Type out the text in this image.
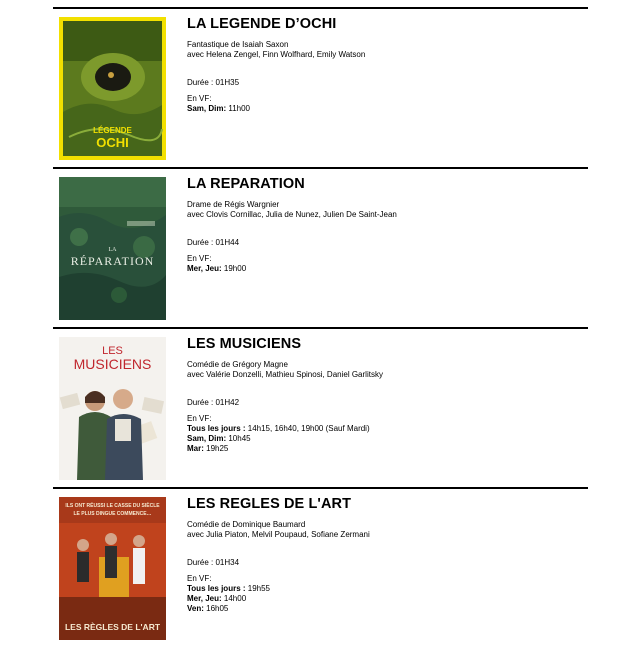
LÉGENDE
OCHI
LA LEGENDE D’OCHI
Fantastique de Isaiah Saxon
avec Helena Zengel, Finn Wolfhard, Emily Watson
Durée : 01H35
En VF:
Sam, Dim: 11h00
LA
RÉPARATION
LA REPARATION
Drame de Régis Wargnier
avec Clovis Cornillac, Julia de Nunez, Julien De Saint-Jean
Durée : 01H44
En VF:
Mer, Jeu: 19h00
LES
MUSICIENS
LES MUSICIENS
Comédie de Grégory Magne
avec Valérie Donzelli, Mathieu Spinosi, Daniel Garlitsky
Durée : 01H42
En VF:
Tous les jours : 14h15, 16h40, 19h00 (Sauf Mardi)
Sam, Dim: 10h45
Mar: 19h25
ILS ONT RÉUSSI LE CASSE DU SIÈCLE
LE PLUS DINGUE COMMENCE…
LES RÈGLES DE L'ART
LES REGLES DE L'ART
Comédie de Dominique Baumard
avec Julia Piaton, Melvil Poupaud, Sofiane Zermani
Durée : 01H34
En VF:
Tous les jours : 19h55
Mer, Jeu: 14h00
Ven: 16h05
